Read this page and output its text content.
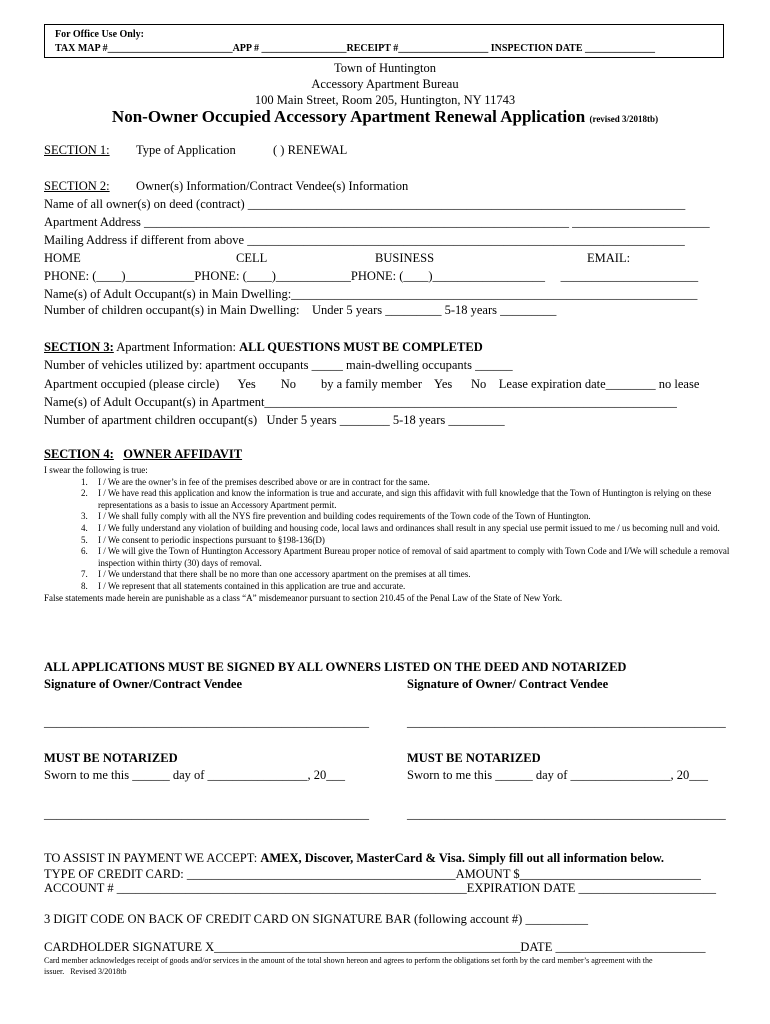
For Office Use Only:
TAX MAP #_________________________APP # _________________RECEIPT #__________________ INSPECTION DATE ______________
Town of Huntington
Accessory Apartment Bureau
100 Main Street, Room 205, Huntington, NY 11743
Non-Owner Occupied Accessory Apartment Renewal Application (revised 3/2018tb)
SECTION 1: Type of Application	( ) RENEWAL
SECTION 2: Owner(s) Information/Contract Vendee(s) Information
Name of all owner(s) on deed (contract) ______________________________________________________________________
Apartment Address ____________________________________________________________________ ______________________
Mailing Address if different from above ______________________________________________________________________
HOME	CELL	BUSINESS	EMAIL:
PHONE: (____)___________PHONE: (____)____________PHONE: (____)__________________     ______________________
Name(s) of Adult Occupant(s) in Main Dwelling:_________________________________________________________________
Number of children occupant(s) in Main Dwelling:    Under 5 years _________ 5-18 years _________
SECTION 3: Apartment Information: ALL QUESTIONS MUST BE COMPLETED
Number of vehicles utilized by: apartment occupants _____ main-dwelling occupants ______
Apartment occupied (please circle)      Yes        No        by a family member    Yes      No    Lease expiration date________ no lease
Name(s) of Adult Occupant(s) in Apartment__________________________________________________________________
Number of apartment children occupant(s)   Under 5 years ________ 5-18 years _________
SECTION 4: OWNER AFFIDAVIT
I swear the following is true:
1. I / We are the owner’s in fee of the premises described above or are in contract for the same.
2. I / We have read this application and know the information is true and accurate, and sign this affidavit with full knowledge that the Town of Huntington is relying on these representations as a basis to issue an Accessory Apartment permit.
3. I / We shall fully comply with all the NYS fire prevention and building codes requirements of the Town code of the Town of Huntington.
4. I / We fully understand any violation of building and housing code, local laws and ordinances shall result in any special use permit issued to me / us becoming null and void.
5. I / We consent to periodic inspections pursuant to §198-136(D)
6. I / We will give the Town of Huntington Accessory Apartment Bureau proper notice of removal of said apartment to comply with Town Code and I/We will schedule a removal inspection within thirty (30) days of removal.
7. I / We understand that there shall be no more than one accessory apartment on the premises at all times.
8. I / We represent that all statements contained in this application are true and accurate.
False statements made herein are punishable as a class “A” misdemeanor pursuant to section 210.45 of the Penal Law of the State of New York.
ALL APPLICATIONS MUST BE SIGNED BY ALL OWNERS LISTED ON THE DEED AND NOTARIZED
Signature of Owner/Contract Vendee	Signature of Owner/ Contract Vendee
____________________________________________________	___________________________________________________
MUST BE NOTARIZED	MUST BE NOTARIZED
Sworn to me this ______ day of ________________, 20___	Sworn to me this ______ day of ________________, 20___
____________________________________________________	___________________________________________________
TO ASSIST IN PAYMENT WE ACCEPT: AMEX, Discover, MasterCard & Visa. Simply fill out all information below.
TYPE OF CREDIT CARD: ___________________________________________AMOUNT $_____________________________
ACCOUNT # ________________________________________________________EXPIRATION DATE ______________________
3 DIGIT CODE ON BACK OF CREDIT CARD ON SIGNATURE BAR (following account #) __________
CARDHOLDER SIGNATURE X_________________________________________________DATE ________________________
Card member acknowledges receipt of goods and/or services in the amount of the total shown hereon and agrees to perform the obligations set forth by the card member’s agreement with the
issuer.   Revised 3/2018tb
